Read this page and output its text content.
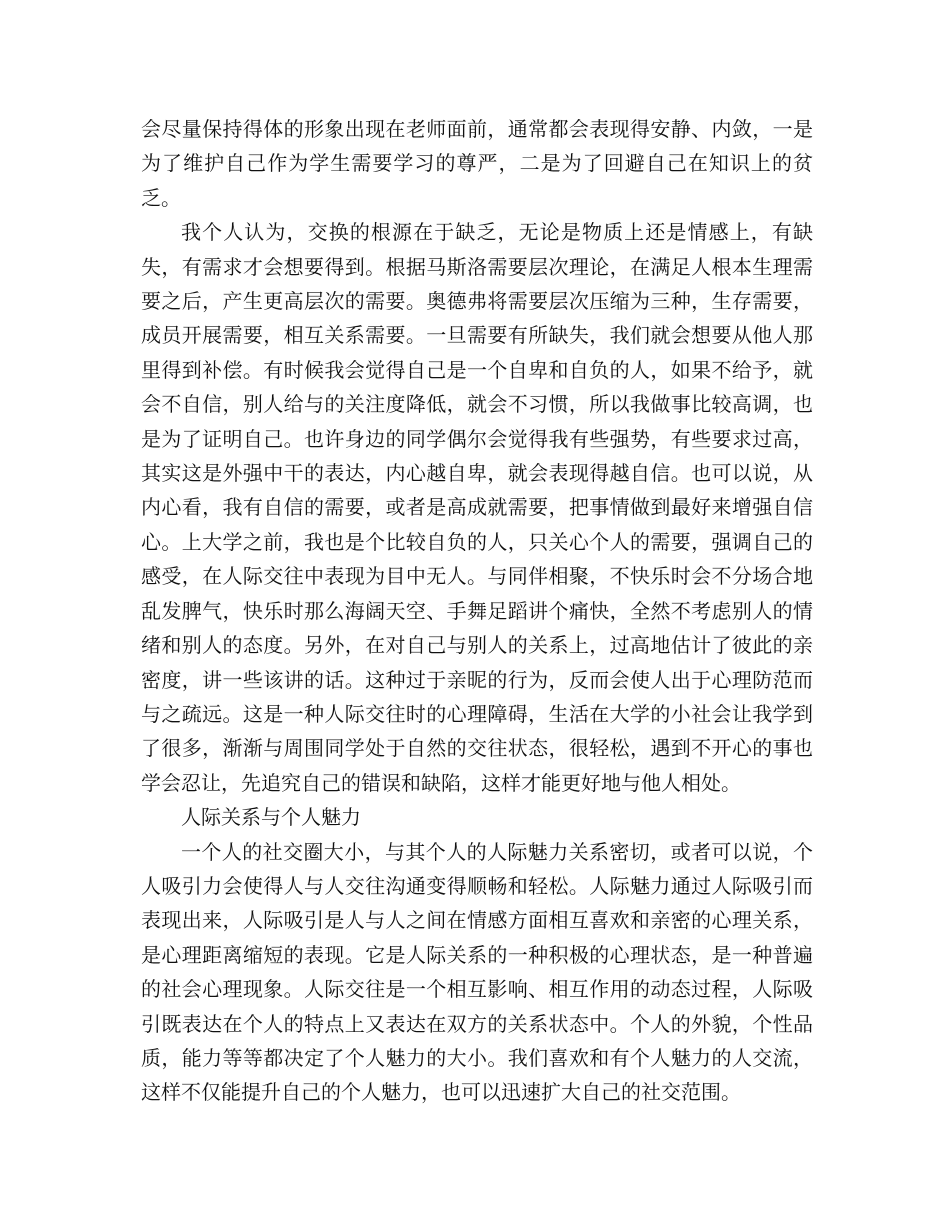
会尽量保持得体的形象出现在老师面前，通常都会表现得安静、内敛，一是为了维护自己作为学生需要学习的尊严，二是为了回避自己在知识上的贫乏。

我个人认为，交换的根源在于缺乏，无论是物质上还是情感上，有缺失，有需求才会想要得到。根据马斯洛需要层次理论，在满足人根本生理需要之后，产生更高层次的需要。奥德弗将需要层次压缩为三种，生存需要，成员开展需要，相互关系需要。一旦需要有所缺失，我们就会想要从他人那里得到补偿。有时候我会觉得自己是一个自卑和自负的人，如果不给予，就会不自信，别人给与的关注度降低，就会不习惯，所以我做事比较高调，也是为了证明自己。也许身边的同学偶尔会觉得我有些强势，有些要求过高，其实这是外强中干的表达，内心越自卑，就会表现得越自信。也可以说，从内心看，我有自信的需要，或者是高成就需要，把事情做到最好来增强自信心。上大学之前，我也是个比较自负的人，只关心个人的需要，强调自己的感受，在人际交往中表现为目中无人。与同伴相聚，不快乐时会不分场合地乱发脾气，快乐时那么海阔天空、手舞足蹈讲个痛快，全然不考虑别人的情绪和别人的态度。另外，在对自己与别人的关系上，过高地估计了彼此的亲密度，讲一些该讲的话。这种过于亲昵的行为，反而会使人出于心理防范而与之疏远。这是一种人际交往时的心理障碍，生活在大学的小社会让我学到了很多，渐渐与周围同学处于自然的交往状态，很轻松，遇到不开心的事也学会忍让，先追究自己的错误和缺陷，这样才能更好地与他人相处。

人际关系与个人魅力

一个人的社交圈大小，与其个人的人际魅力关系密切，或者可以说，个人吸引力会使得人与人交往沟通变得顺畅和轻松。人际魅力通过人际吸引而表现出来，人际吸引是人与人之间在情感方面相互喜欢和亲密的心理关系，是心理距离缩短的表现。它是人际关系的一种积极的心理状态，是一种普遍的社会心理现象。人际交往是一个相互影响、相互作用的动态过程，人际吸引既表达在个人的特点上又表达在双方的关系状态中。个人的外貌，个性品质，能力等等都决定了个人魅力的大小。我们喜欢和有个人魅力的人交流，这样不仅能提升自己的个人魅力，也可以迅速扩大自己的社交范围。
